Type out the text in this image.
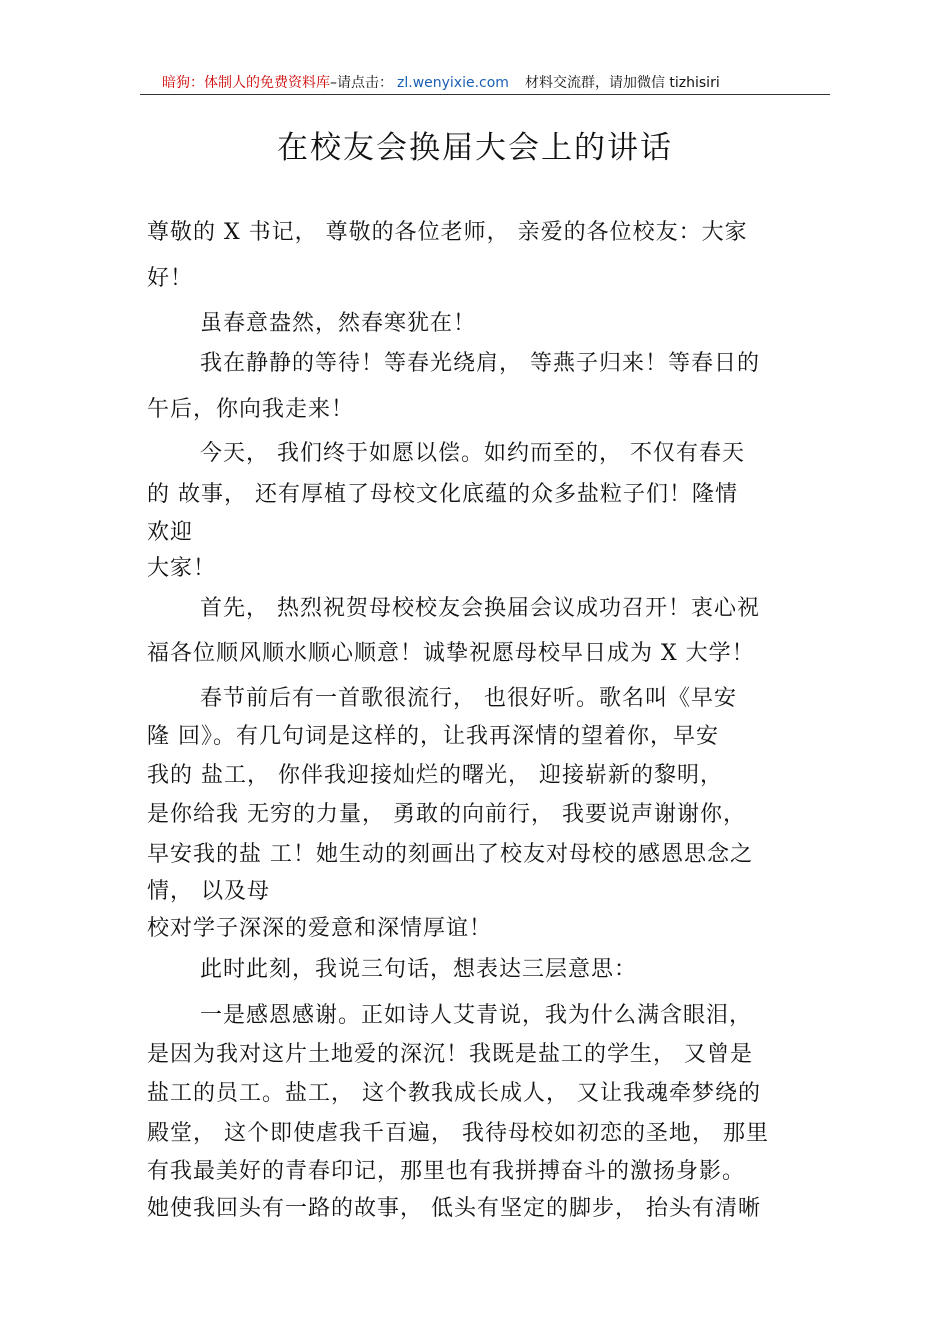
暗狗：体制人的免费资料库–请点击： zl.wenyixie.com 材料交流群，请加微信 tizhisiri
在校友会换届大会上的讲话
尊敬的 X 书记， 尊敬的各位老师， 亲爱的各位校友：大家
好！
虽春意盎然，然春寒犹在！
我在静静的等待！等春光绕肩， 等燕子归来！等春日的
午后，你向我走来！
今天， 我们终于如愿以偿。如约而至的， 不仅有春天
的 故事， 还有厚植了母校文化底蕴的众多盐粒子们！隆情
欢迎
大家！
首先， 热烈祝贺母校校友会换届会议成功召开！衷心祝
福各位顺风顺水顺心顺意！诚挚祝愿母校早日成为 X 大学！
春节前后有一首歌很流行， 也很好听。歌名叫《早安
隆 回》。有几句词是这样的，让我再深情的望着你，早安
我的 盐工， 你伴我迎接灿烂的曙光， 迎接崭新的黎明，
是你给我 无穷的力量， 勇敢的向前行， 我要说声谢谢你，
早安我的盐 工！她生动的刻画出了校友对母校的感恩思念之
情， 以及母
校对学子深深的爱意和深情厚谊！
此时此刻，我说三句话，想表达三层意思：
一是感恩感谢。正如诗人艾青说，我为什么满含眼泪，
是因为我对这片土地爱的深沉！我既是盐工的学生， 又曾是
盐工的员工。盐工， 这个教我成长成人， 又让我魂牵梦绕的
殿堂， 这个即使虐我千百遍， 我待母校如初恋的圣地， 那里
有我最美好的青春印记，那里也有我拼搏奋斗的激扬身影。
她使我回头有一路的故事， 低头有坚定的脚步， 抬头有清晰
